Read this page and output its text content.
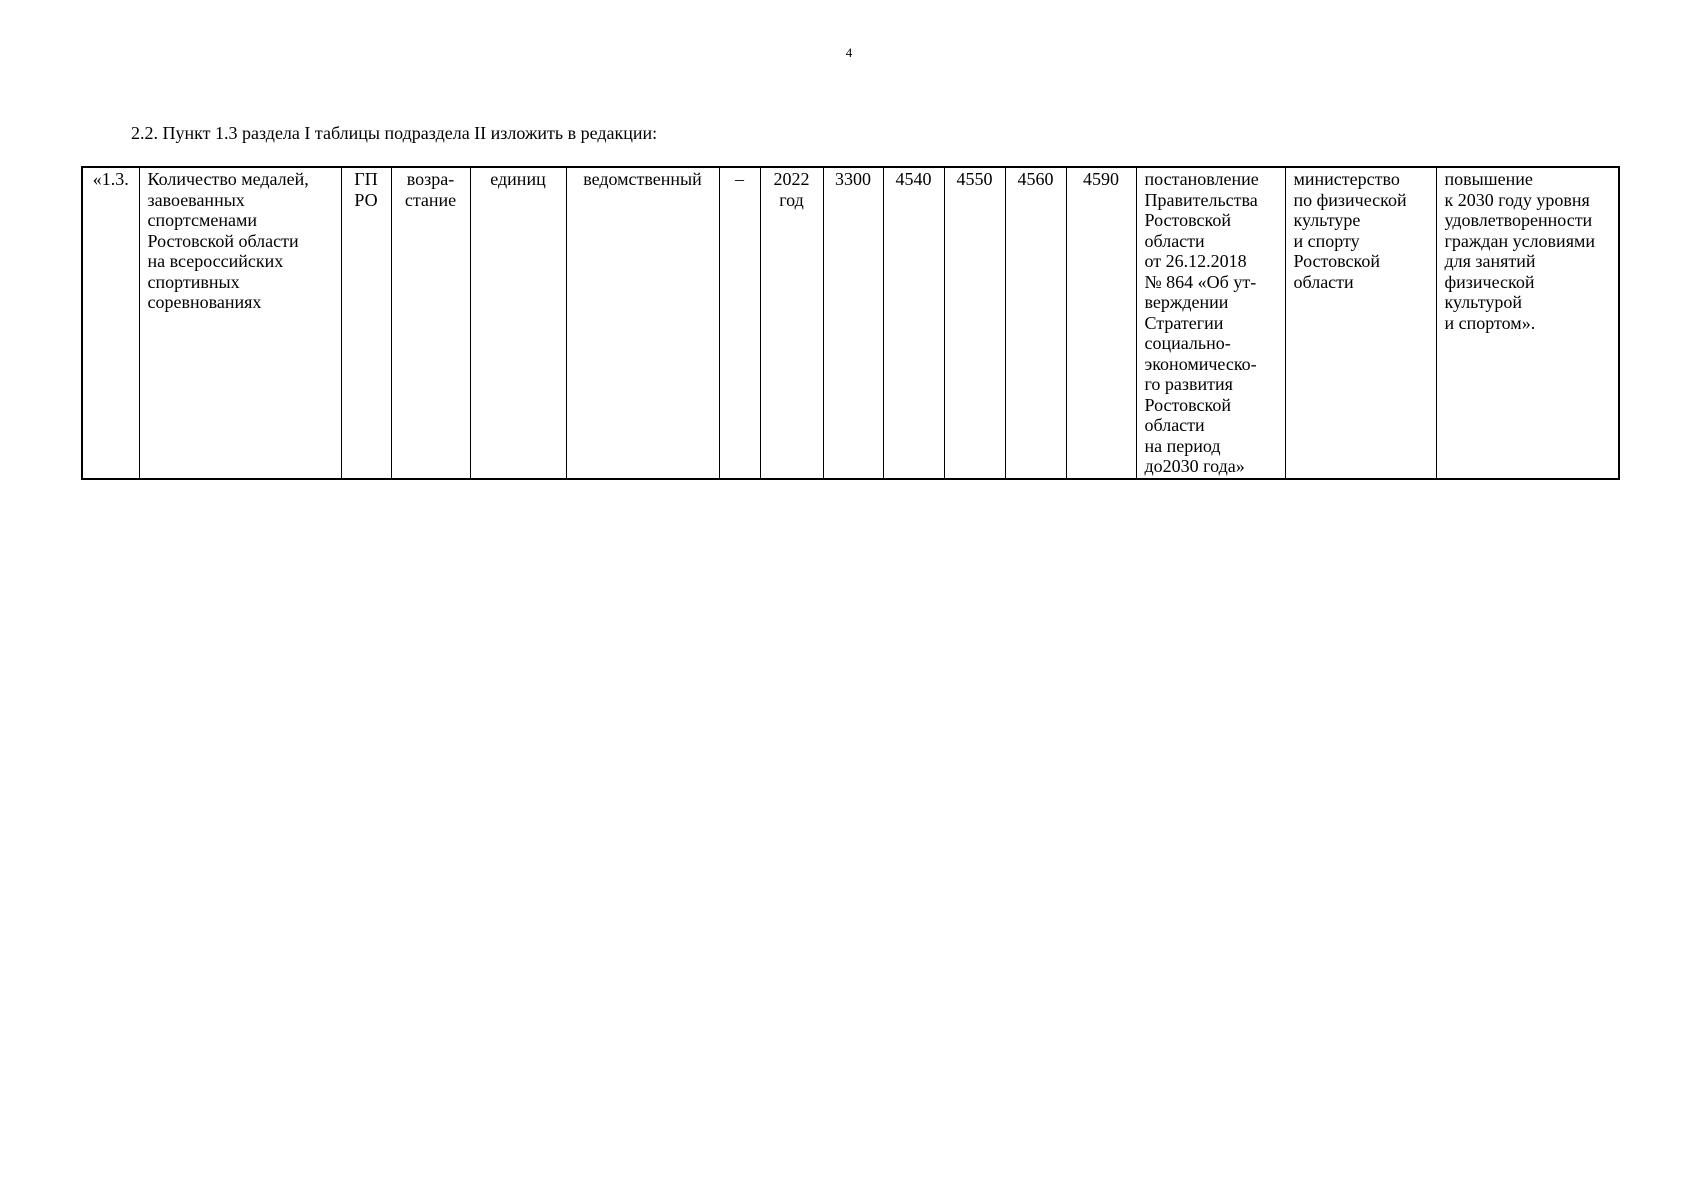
4
2.2. Пункт 1.3 раздела I таблицы подраздела II изложить в редакции:
«1.3.	Количество медалей,
завоеванных
спортсменами
Ростовской области
на всероссийских
спортивных
соревнованиях	ГП
РО	возра-
стание	единиц	ведомственный	–	2022
год	3300	4540	4550	4560	4590	постановление
Правительства
Ростовской
области
от 26.12.2018
№ 864 «Об ут-
верждении
Стратегии
социально-
экономическо-
го развития
Ростовской
области
на период
до2030 года»	министерство
по физической
культуре
и спорту
Ростовской
области	повышение
к 2030 году уровня
удовлетворенности
граждан условиями
для занятий
физической
культурой
и спортом».
